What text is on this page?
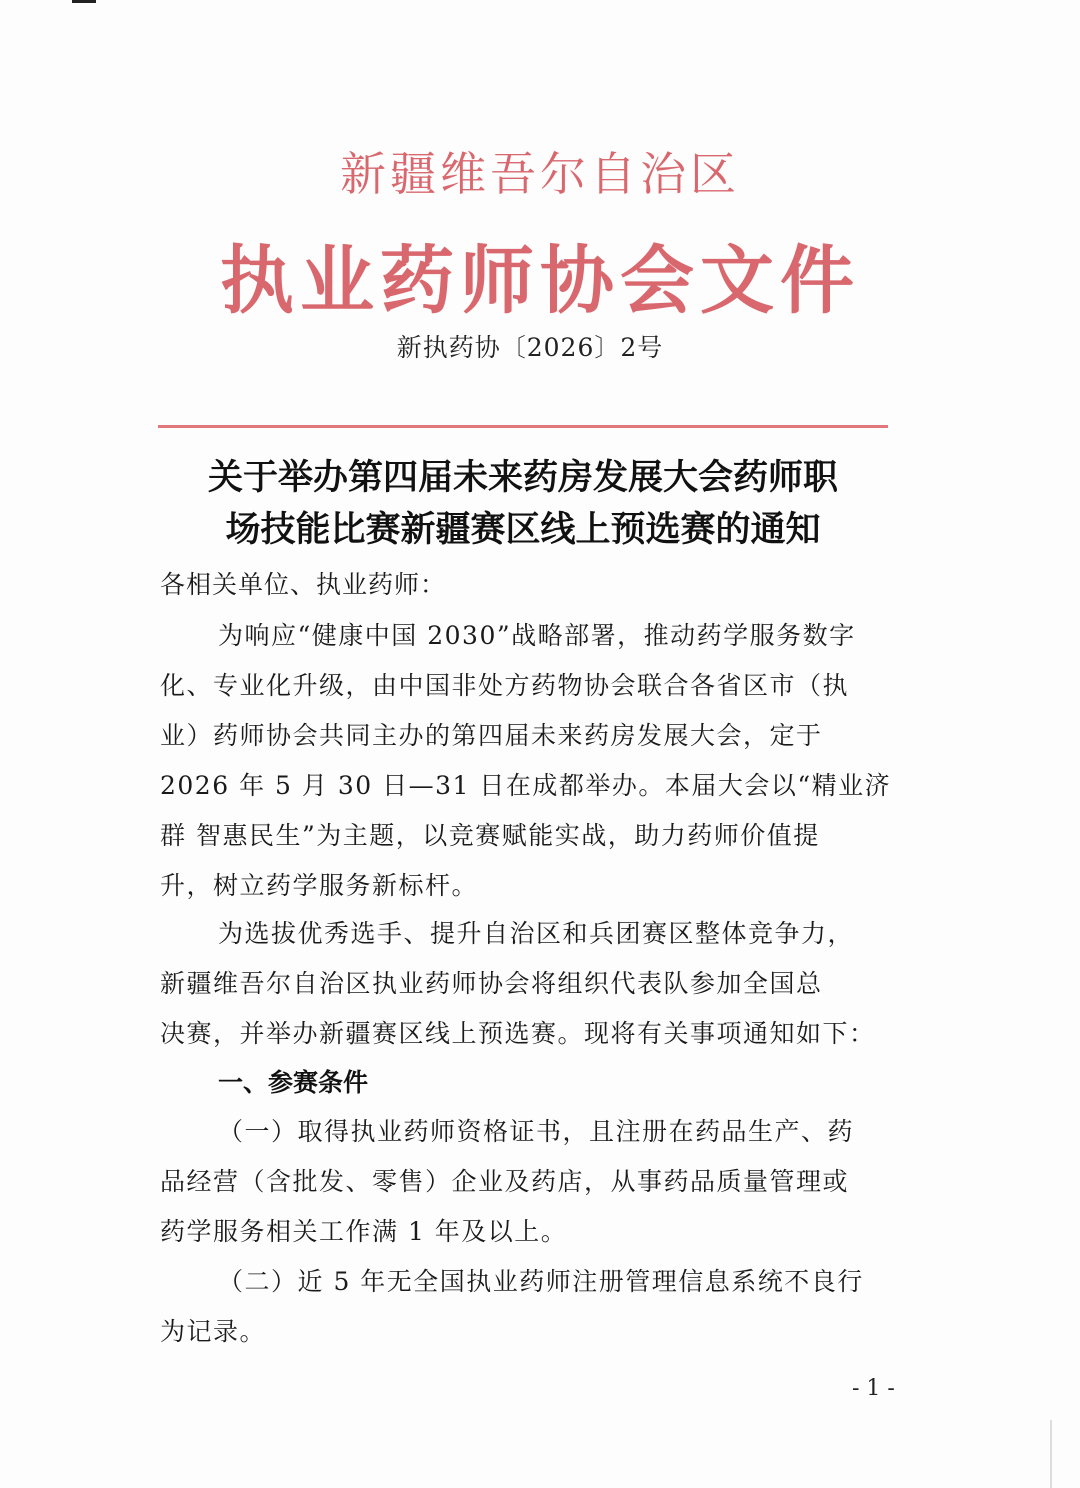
新疆维吾尔自治区
执业药师协会文件
新执药协〔2026〕2号
关于举办第四届未来药房发展大会药师职
场技能比赛新疆赛区线上预选赛的通知
各相关单位、执业药师：
为响应“健康中国 2030”战略部署，推动药学服务数字
化、专业化升级，由中国非处方药物协会联合各省区市（执
业）药师协会共同主办的第四届未来药房发展大会，定于
2026 年 5 月 30 日—31 日在成都举办。本届大会以“精业济
群 智惠民生”为主题，以竞赛赋能实战，助力药师价值提
升，树立药学服务新标杆。
为选拔优秀选手、提升自治区和兵团赛区整体竞争力，
新疆维吾尔自治区执业药师协会将组织代表队参加全国总
决赛，并举办新疆赛区线上预选赛。现将有关事项通知如下：
一、参赛条件
（一）取得执业药师资格证书，且注册在药品生产、药
品经营（含批发、零售）企业及药店，从事药品质量管理或
药学服务相关工作满 1 年及以上。
（二）近 5 年无全国执业药师注册管理信息系统不良行
为记录。
- 1 -
